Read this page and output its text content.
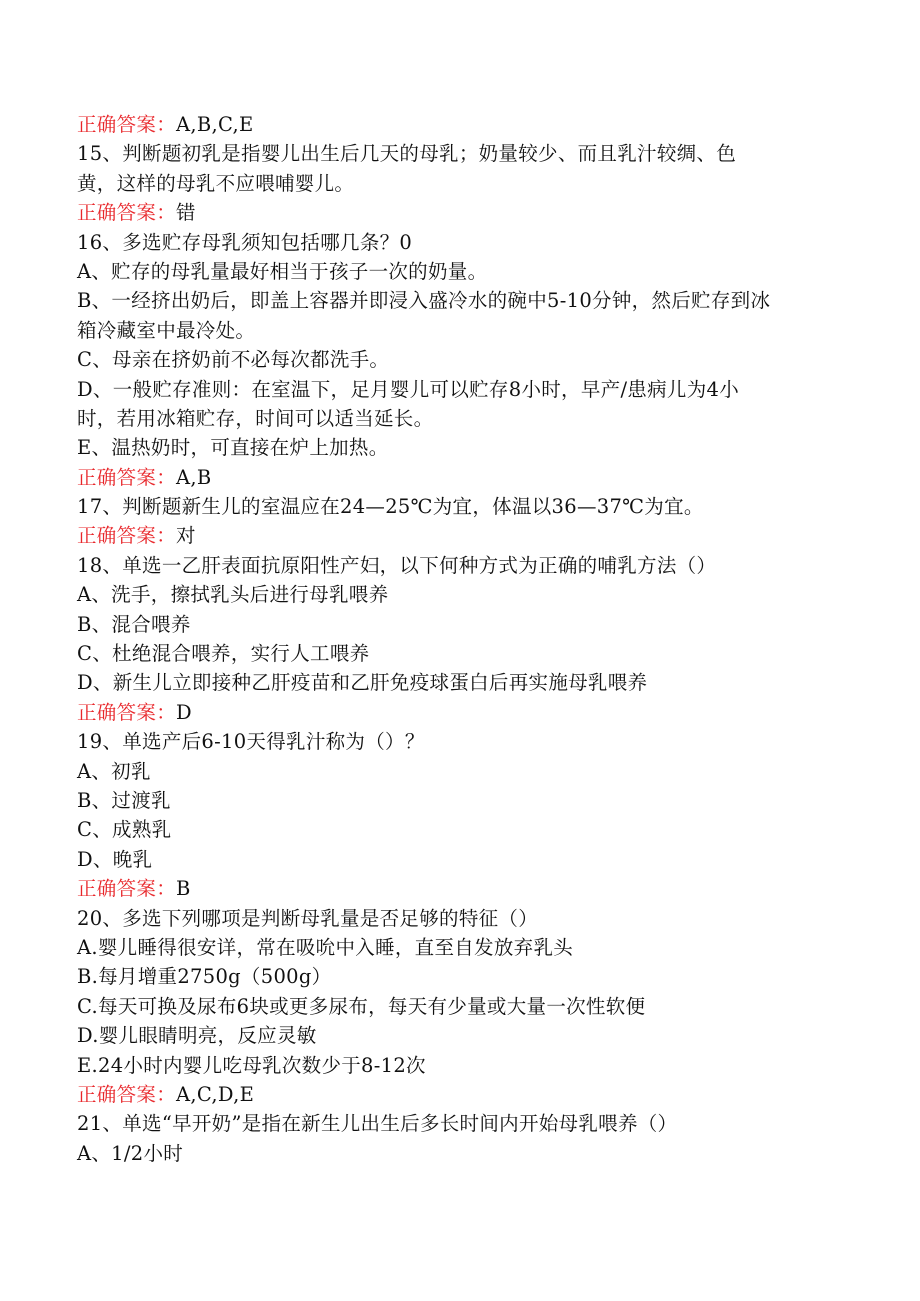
正确答案：A,B,C,E
15、判断题初乳是指婴儿出生后几天的母乳；奶量较少、而且乳汁较绸、色
黄，这样的母乳不应喂哺婴儿。
正确答案：错
16、多选贮存母乳须知包括哪几条？0
A、贮存的母乳量最好相当于孩子一次的奶量。
B、一经挤出奶后，即盖上容器并即浸入盛冷水的碗中5-10分钟，然后贮存到冰
箱冷藏室中最冷处。
C、母亲在挤奶前不必每次都洗手。
D、一般贮存准则：在室温下，足月婴儿可以贮存8小时，早产/患病儿为4小
时，若用冰箱贮存，时间可以适当延长。
E、温热奶时，可直接在炉上加热。
正确答案：A,B
17、判断题新生儿的室温应在24—25℃为宜，体温以36—37℃为宜。
正确答案：对
18、单选一乙肝表面抗原阳性产妇，以下何种方式为正确的哺乳方法（）
A、洗手，擦拭乳头后进行母乳喂养
B、混合喂养
C、杜绝混合喂养，实行人工喂养
D、新生儿立即接种乙肝疫苗和乙肝免疫球蛋白后再实施母乳喂养
正确答案：D
19、单选产后6-10天得乳汁称为（）？
A、初乳
B、过渡乳
C、成熟乳
D、晚乳
正确答案：B
20、多选下列哪项是判断母乳量是否足够的特征（）
A.婴儿睡得很安详，常在吸吮中入睡，直至自发放弃乳头
B.每月增重2750g（500g）
C.每天可换及尿布6块或更多尿布，每天有少量或大量一次性软便
D.婴儿眼睛明亮，反应灵敏
E.24小时内婴儿吃母乳次数少于8-12次
正确答案：A,C,D,E
21、单选“早开奶”是指在新生儿出生后多长时间内开始母乳喂养（）
A、1/2小时
